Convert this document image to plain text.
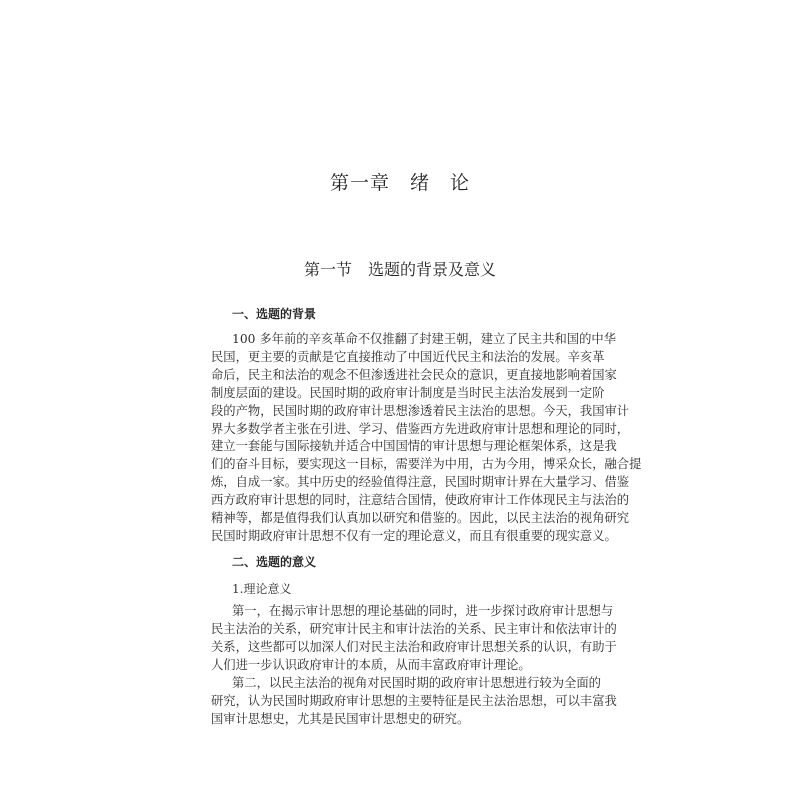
第一章　绪　论
第一节　选题的背景及意义
一、选题的背景
100 多年前的辛亥革命不仅推翻了封建王朝，建立了民主共和国的中华
民国，更主要的贡献是它直接推动了中国近代民主和法治的发展。辛亥革
命后，民主和法治的观念不但渗透进社会民众的意识，更直接地影响着国家
制度层面的建设。民国时期的政府审计制度是当时民主法治发展到一定阶
段的产物，民国时期的政府审计思想渗透着民主法治的思想。今天，我国审计
界大多数学者主张在引进、学习、借鉴西方先进政府审计思想和理论的同时，
建立一套能与国际接轨并适合中国国情的审计思想与理论框架体系，这是我
们的奋斗目标，要实现这一目标，需要洋为中用，古为今用，博采众长，融合提
炼，自成一家。其中历史的经验值得注意，民国时期审计界在大量学习、借鉴
西方政府审计思想的同时，注意结合国情，使政府审计工作体现民主与法治的
精神等，都是值得我们认真加以研究和借鉴的。因此，以民主法治的视角研究
民国时期政府审计思想不仅有一定的理论意义，而且有很重要的现实意义。
二、选题的意义
1.理论意义
第一，在揭示审计思想的理论基础的同时，进一步探讨政府审计思想与
民主法治的关系，研究审计民主和审计法治的关系、民主审计和依法审计的
关系，这些都可以加深人们对民主法治和政府审计思想关系的认识，有助于
人们进一步认识政府审计的本质，从而丰富政府审计理论。
第二，以民主法治的视角对民国时期的政府审计思想进行较为全面的
研究，认为民国时期政府审计思想的主要特征是民主法治思想，可以丰富我
国审计思想史，尤其是民国审计思想史的研究。
